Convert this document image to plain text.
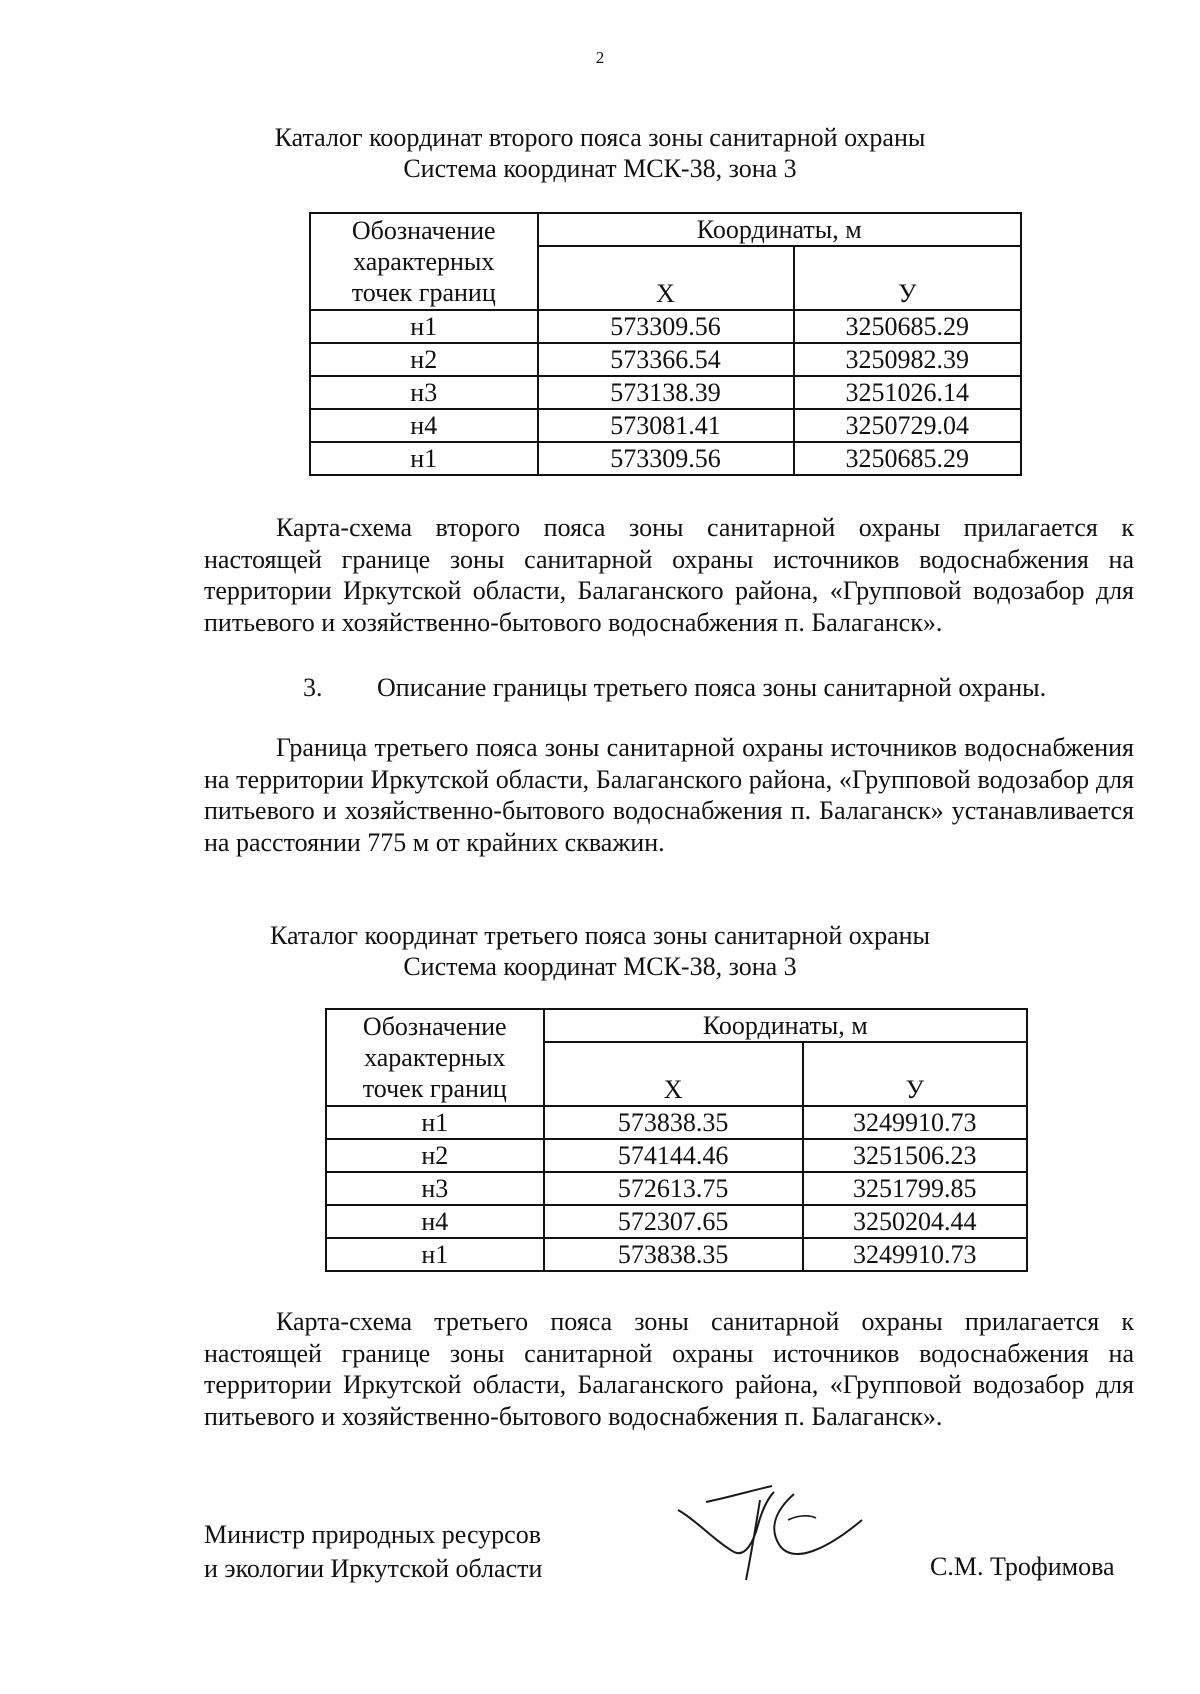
2
Каталог координат второго пояса зоны санитарной охраны
Система координат МСК-38, зона 3
Обозначение
характерных
точек границ	Координаты, м	
	X	У
н1	573309.56	3250685.29
н2	573366.54	3250982.39
н3	573138.39	3251026.14
н4	573081.41	3250729.04
н1	573309.56	3250685.29
Карта-схема второго пояса зоны санитарной охраны прилагается к настоящей границе зоны санитарной охраны источников водоснабжения на территории Иркутской области, Балаганского района, «Групповой водозабор для питьевого и хозяйственно-бытового водоснабжения п. Балаганск».
3. Описание границы третьего пояса зоны санитарной охраны.
Граница третьего пояса зоны санитарной охраны источников водоснабжения на территории Иркутской области, Балаганского района, «Групповой водозабор для питьевого и хозяйственно-бытового водоснабжения п. Балаганск» устанавливается на расстоянии 775 м от крайних скважин.
Каталог координат третьего пояса зоны санитарной охраны
Система координат МСК-38, зона 3
Обозначение
характерных
точек границ	Координаты, м	
	X	У
н1	573838.35	3249910.73
н2	574144.46	3251506.23
н3	572613.75	3251799.85
н4	572307.65	3250204.44
н1	573838.35	3249910.73
Карта-схема третьего пояса зоны санитарной охраны прилагается к настоящей границе зоны санитарной охраны источников водоснабжения на территории Иркутской области, Балаганского района, «Групповой водозабор для питьевого и хозяйственно-бытового водоснабжения п. Балаганск».
Министр природных ресурсов
и экологии Иркутской области	С.М. Трофимова
